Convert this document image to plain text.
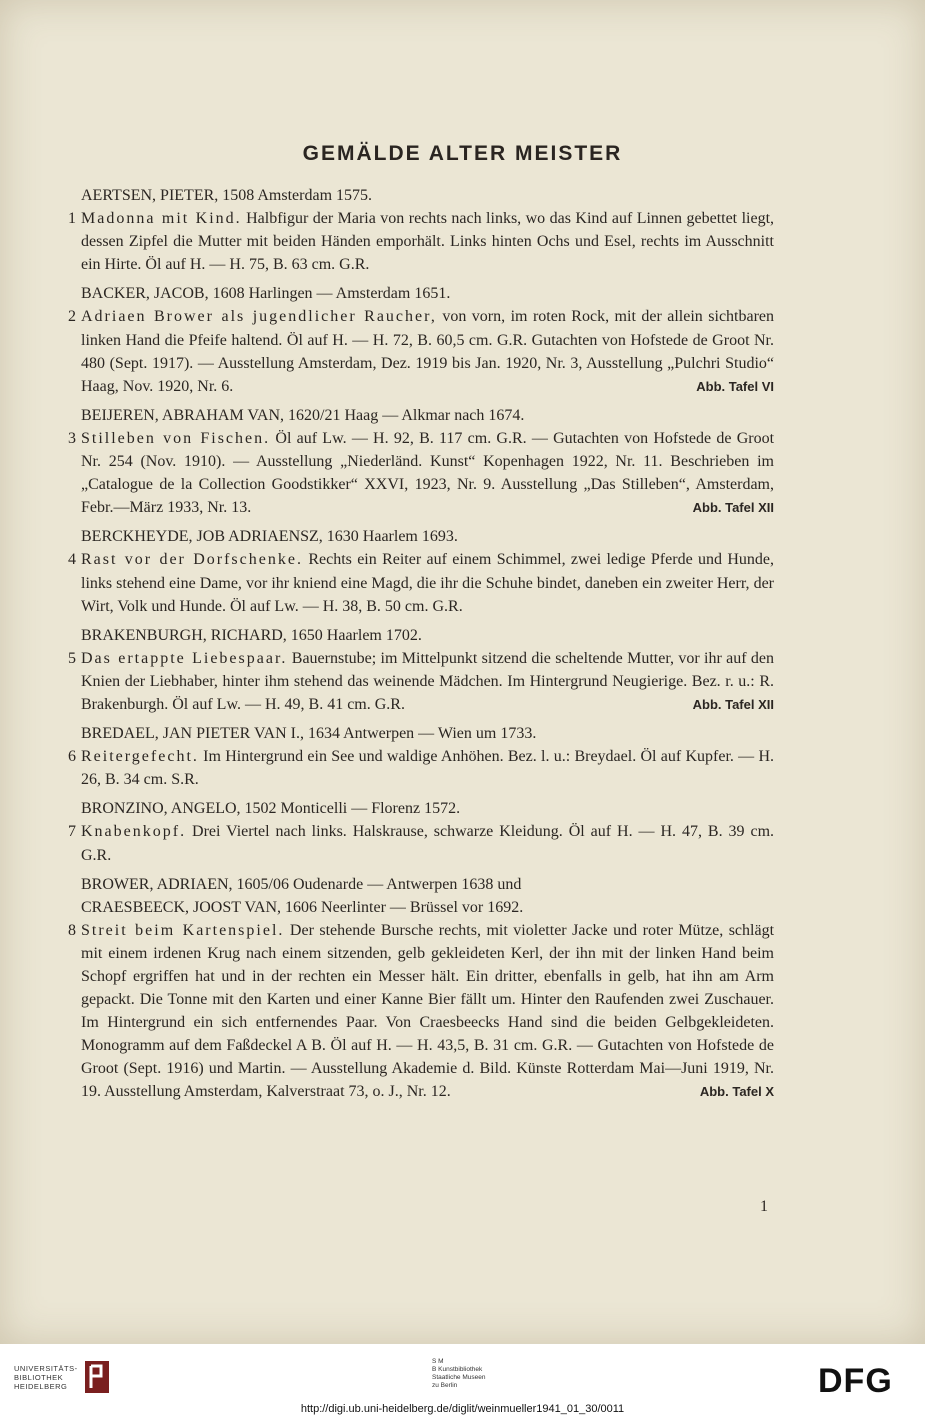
GEMÄLDE ALTER MEISTER
AERTSEN, PIETER, 1508 Amsterdam 1575.
1 Madonna mit Kind. Halbfigur der Maria von rechts nach links, wo das Kind auf Linnen gebettet liegt, dessen Zipfel die Mutter mit beiden Händen emporhält. Links hinten Ochs und Esel, rechts im Ausschnitt ein Hirte. Öl auf H. — H. 75, B. 63 cm. G.R.
BACKER, JACOB, 1608 Harlingen — Amsterdam 1651.
2 Adriaen Brower als jugendlicher Raucher, von vorn, im roten Rock, mit der allein sichtbaren linken Hand die Pfeife haltend. Öl auf H. — H. 72, B. 60,5 cm. G.R. Gutachten von Hofstede de Groot Nr. 480 (Sept. 1917). — Ausstellung Amsterdam, Dez. 1919 bis Jan. 1920, Nr. 3, Ausstellung „Pulchri Studio“ Haag, Nov. 1920, Nr. 6.	Abb. Tafel VI
BEIJEREN, ABRAHAM VAN, 1620/21 Haag — Alkmar nach 1674.
3 Stilleben von Fischen. Öl auf Lw. — H. 92, B. 117 cm. G.R. — Gutachten von Hofstede de Groot Nr. 254 (Nov. 1910). — Ausstellung „Niederländ. Kunst“ Kopenhagen 1922, Nr. 11. Beschrieben im „Catalogue de la Collection Goodstikker“ XXVI, 1923, Nr. 9. Ausstellung „Das Stilleben“, Amsterdam, Febr.—März 1933, Nr. 13.	Abb. Tafel XII
BERCKHEYDE, JOB ADRIAENSZ, 1630 Haarlem 1693.
4 Rast vor der Dorfschenke. Rechts ein Reiter auf einem Schimmel, zwei ledige Pferde und Hunde, links stehend eine Dame, vor ihr kniend eine Magd, die ihr die Schuhe bindet, daneben ein zweiter Herr, der Wirt, Volk und Hunde. Öl auf Lw. — H. 38, B. 50 cm. G.R.
BRAKENBURGH, RICHARD, 1650 Haarlem 1702.
5 Das ertappte Liebespaar. Bauernstube; im Mittelpunkt sitzend die scheltende Mutter, vor ihr auf den Knien der Liebhaber, hinter ihm stehend das weinende Mädchen. Im Hintergrund Neugierige. Bez. r. u.: R. Brakenburgh. Öl auf Lw. — H. 49, B. 41 cm. G.R.	Abb. Tafel XII
BREDAEL, JAN PIETER VAN I., 1634 Antwerpen — Wien um 1733.
6 Reitergefecht. Im Hintergrund ein See und waldige Anhöhen. Bez. l. u.: Breydael. Öl auf Kupfer. — H. 26, B. 34 cm. S.R.
BRONZINO, ANGELO, 1502 Monticelli — Florenz 1572.
7 Knabenkopf. Drei Viertel nach links. Halskrause, schwarze Kleidung. Öl auf H. — H. 47, B. 39 cm. G.R.
BROWER, ADRIAEN, 1605/06 Oudenarde — Antwerpen 1638 und
CRAESBEECK, JOOST VAN, 1606 Neerlinter — Brüssel vor 1692.
8 Streit beim Kartenspiel. Der stehende Bursche rechts, mit violetter Jacke und roter Mütze, schlägt mit einem irdenen Krug nach einem sitzenden, gelb gekleideten Kerl, der ihn mit der linken Hand beim Schopf ergriffen hat und in der rechten ein Messer hält. Ein dritter, ebenfalls in gelb, hat ihn am Arm gepackt. Die Tonne mit den Karten und einer Kanne Bier fällt um. Hinter den Raufenden zwei Zuschauer. Im Hintergrund ein sich entfernendes Paar. Von Craesbeecks Hand sind die beiden Gelbgekleideten. Monogramm auf dem Faßdeckel A B. Öl auf H. — H. 43,5, B. 31 cm. G.R. — Gutachten von Hofstede de Groot (Sept. 1916) und Martin. — Ausstellung Akademie d. Bild. Künste Rotterdam Mai—Juni 1919, Nr. 19. Ausstellung Amsterdam, Kalverstraat 73, o. J., Nr. 12.	Abb. Tafel X
1
UNIVERSITÄTS-
BIBLIOTHEK
HEIDELBERG
S M
B Kunstbibliothek
Staatliche Museen
zu Berlin	DFG
http://digi.ub.uni-heidelberg.de/diglit/weinmueller1941_01_30/0011
